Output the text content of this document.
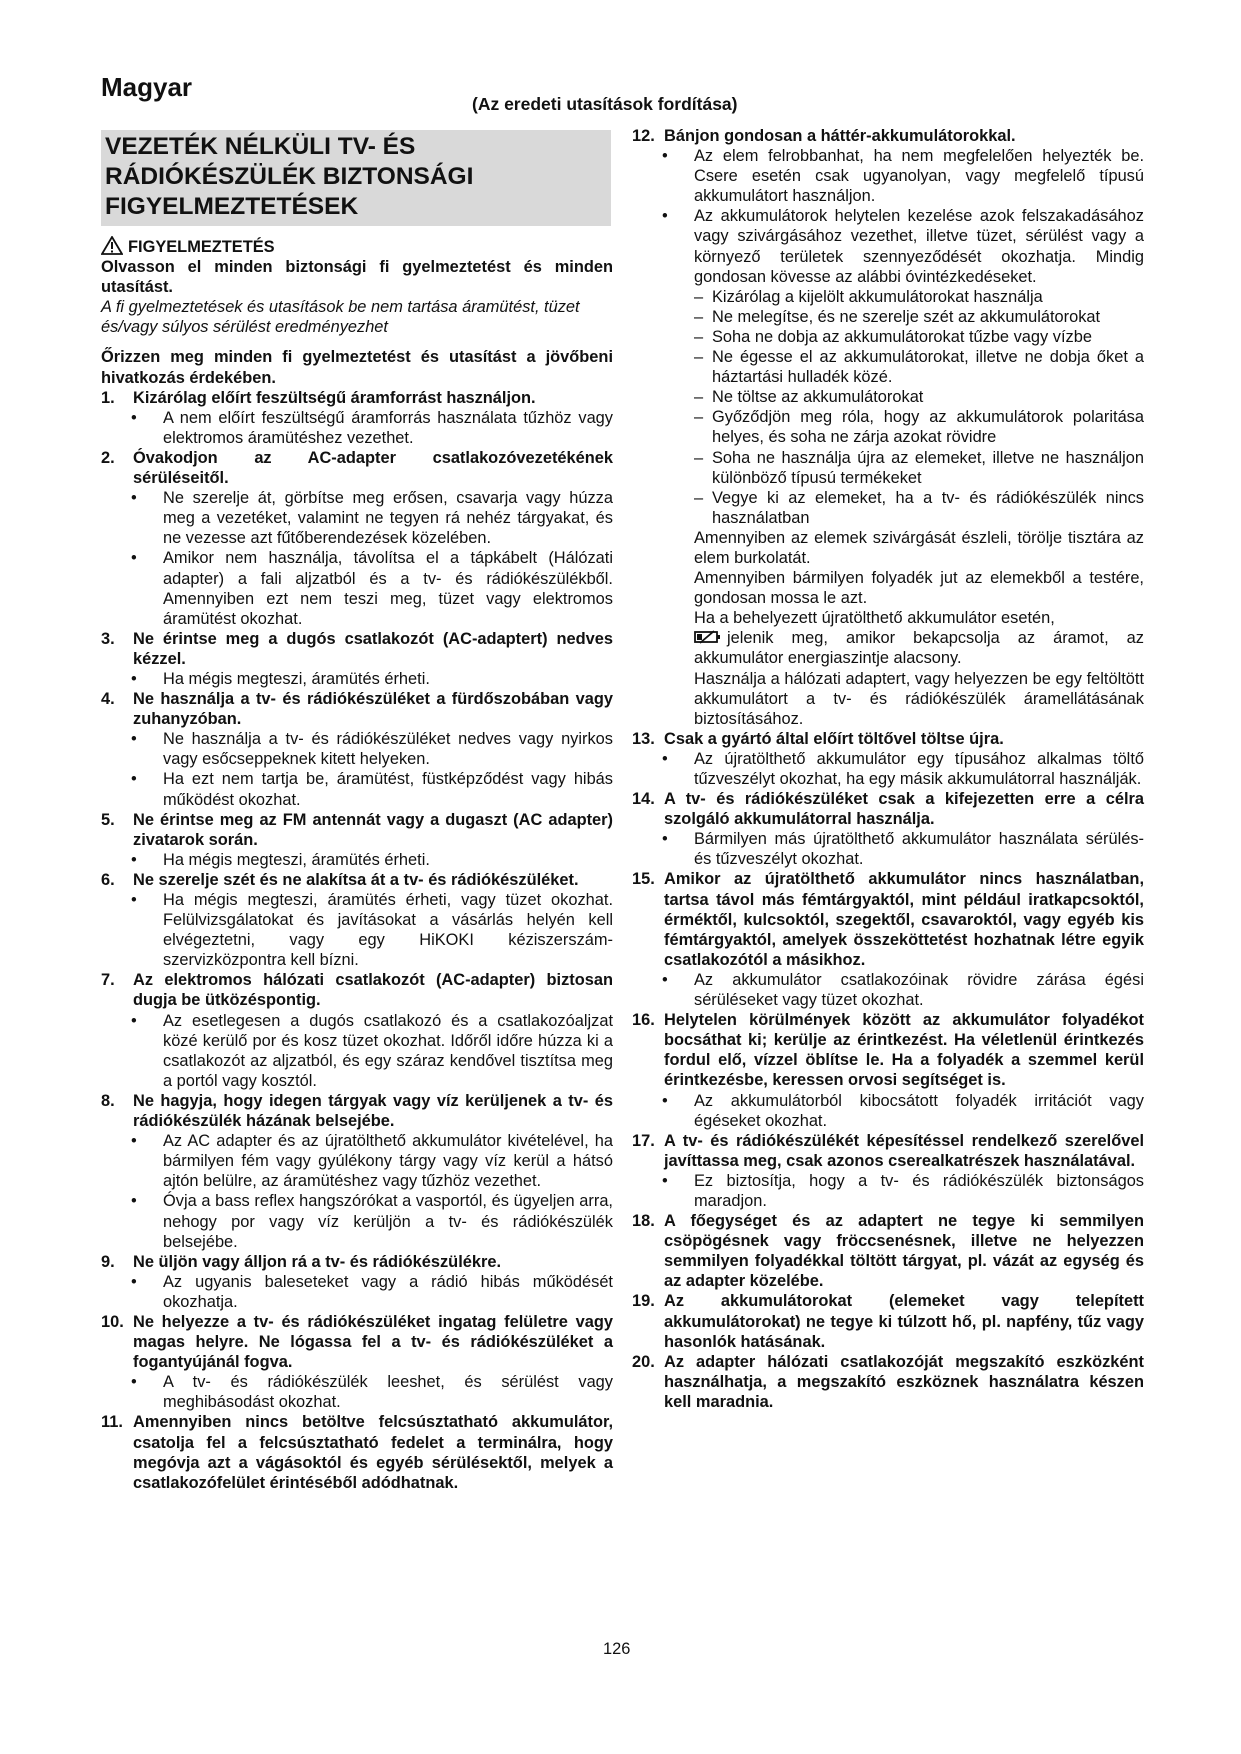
Magyar
(Az eredeti utasítások fordítása)
VEZETÉK NÉLKÜLI TV- ÉS RÁDIÓKÉSZÜLÉK BIZTONSÁGI FIGYELMEZTETÉSEK
FIGYELMEZTETÉS

Olvasson el minden biztonsági fi gyelmeztetést és minden utasítást.

A fi gyelmeztetések és utasítások be nem tartása áramütést, tüzet és/vagy súlyos sérülést eredményezhet

Őrizzen meg minden fi gyelmeztetést és utasítást a jövőbeni hivatkozás érdekében.

1.	Kizárólag előírt feszültségű áramforrást használjon.
•	A nem előírt feszültségű áramforrás használata tűzhöz vagy elektromos áramütéshez vezethet.
2.	Óvakodjon az AC-adapter csatlakozóvezetékének sérüléseitől.
•	Ne szerelje át, görbítse meg erősen, csavarja vagy húzza meg a vezetéket, valamint ne tegyen rá nehéz tárgyakat, és ne vezesse azt fűtőberendezések közelében.
•	Amikor nem használja, távolítsa el a tápkábelt (Hálózati adapter) a fali aljzatból és a tv- és rádiókészülékből. Amennyiben ezt nem teszi meg, tüzet vagy elektromos áramütést okozhat.
3.	Ne érintse meg a dugós csatlakozót (AC-adaptert) nedves kézzel.
•	Ha mégis megteszi, áramütés érheti.
4.	Ne használja a tv- és rádiókészüléket a fürdőszobában vagy zuhanyzóban.
•	Ne használja a tv- és rádiókészüléket nedves vagy nyirkos vagy esőcseppeknek kitett helyeken.
•	Ha ezt nem tartja be, áramütést, füstképződést vagy hibás működést okozhat.
5.	Ne érintse meg az FM antennát vagy a dugaszt (AC adapter) zivatarok során.
•	Ha mégis megteszi, áramütés érheti.
6.	Ne szerelje szét és ne alakítsa át a tv- és rádiókészüléket.
•	Ha mégis megteszi, áramütés érheti, vagy tüzet okozhat. Felülvizsgálatokat és javításokat a vásárlás helyén kell elvégeztetni, vagy egy HiKOKI kéziszerszám-szervizközpontra kell bízni.
7.	Az elektromos hálózati csatlakozót (AC-adapter) biztosan dugja be ütközéspontig.
•	Az esetlegesen a dugós csatlakozó és a csatlakozóaljzat közé kerülő por és kosz tüzet okozhat. Időről időre húzza ki a csatlakozót az aljzatból, és egy száraz kendővel tisztítsa meg a portól vagy kosztól.
8.	Ne hagyja, hogy idegen tárgyak vagy víz kerüljenek a tv- és rádiókészülék házának belsejébe.
•	Az AC adapter és az újratölthető akkumulátor kivételével, ha bármilyen fém vagy gyúlékony tárgy vagy víz kerül a hátsó ajtón belülre, az áramütéshez vagy tűzhöz vezethet.
•	Óvja a bass reflex hangszórókat a vasportól, és ügyeljen arra, nehogy por vagy víz kerüljön a tv- és rádiókészülék belsejébe.
9.	Ne üljön vagy álljon rá a tv- és rádiókészülékre.
•	Az ugyanis baleseteket vagy a rádió hibás működését okozhatja.
10. Ne helyezze a tv- és rádiókészüléket ingatag felületre vagy magas helyre. Ne lógassa fel a tv- és rádiókészüléket a fogantyújánál fogva.
•	A tv- és rádiókészülék leeshet, és sérülést vagy meghibásodást okozhat.
11. Amennyiben nincs betöltve felcsúsztatható akkumulátor, csatolja fel a felcsúsztatható fedelet a terminálra, hogy megóvja azt a vágásoktól és egyéb sérülésektől, melyek a csatlakozófelület érintéséből adódhatnak.
12. Bánjon gondosan a háttér-akkumulátorokkal.
•	Az elem felrobbanhat, ha nem megfelelően helyezték be. Csere esetén csak ugyanolyan, vagy megfelelő típusú akkumulátort használjon.
•	Az akkumulátorok helytelen kezelése azok felszakadásához vagy szivárgásához vezethet, illetve tüzet, sérülést vagy a környező területek szennyeződését okozhatja. Mindig gondosan kövesse az alábbi óvintézkedéseket.
– Kizárólag a kijelölt akkumulátorokat használja
– Ne melegítse, és ne szerelje szét az akkumulátorokat
– Soha ne dobja az akkumulátorokat tűzbe vagy vízbe
– Ne égesse el az akkumulátorokat, illetve ne dobja őket a háztartási hulladék közé.
– Ne töltse az akkumulátorokat
– Győződjön meg róla, hogy az akkumulátorok polaritása helyes, és soha ne zárja azokat rövidre
– Soha ne használja újra az elemeket, illetve ne használjon különböző típusú termékeket
– Vegye ki az elemeket, ha a tv- és rádiókészülék nincs használatban

Amennyiben az elemek szivárgását észleli, törölje tisztára az elem burkolatát.

Amennyiben bármilyen folyadék jut az elemekből a testére, gondosan mossa le azt.

Ha a behelyezett újratölthető akkumulátor esetén,
jelenik meg, amikor bekapcsolja az áramot, az akkumulátor energiaszintje alacsony.

Használja a hálózati adaptert, vagy helyezzen be egy feltöltött akkumulátort a tv- és rádiókészülék áramellátásának biztosításához.

13. Csak a gyártó által előírt töltővel töltse újra.
•	Az újratölthető akkumulátor egy típusához alkalmas töltő tűzveszélyt okozhat, ha egy másik akkumulátorral használják.
14. A tv- és rádiókészüléket csak a kifejezetten erre a célra szolgáló akkumulátorral használja.
•	Bármilyen más újratölthető akkumulátor használata sérülés- és tűzveszélyt okozhat.
15. Amikor az újratölthető akkumulátor nincs használatban, tartsa távol más fémtárgyaktól, mint például iratkapcsoktól, érméktől, kulcsoktól, szegektől, csavaroktól, vagy egyéb kis fémtárgyaktól, amelyek összeköttetést hozhatnak létre egyik csatlakozótól a másikhoz.
•	Az akkumulátor csatlakozóinak rövidre zárása égési sérüléseket vagy tüzet okozhat.
16. Helytelen körülmények között az akkumulátor folyadékot bocsáthat ki; kerülje az érintkezést. Ha véletlenül érintkezés fordul elő, vízzel öblítse le. Ha a folyadék a szemmel kerül érintkezésbe, keressen orvosi segítséget is.
•	Az akkumulátorból kibocsátott folyadék irritációt vagy égéseket okozhat.
17. A tv- és rádiókészülékét képesítéssel rendelkező szerelővel javíttassa meg, csak azonos cserealkatrészek használatával.
•	Ez biztosítja, hogy a tv- és rádiókészülék biztonságos maradjon.
18. A főegységet és az adaptert ne tegye ki semmilyen csöpögésnek vagy fröccsenésnek, illetve ne helyezzen semmilyen folyadékkal töltött tárgyat, pl. vázát az egység és az adapter közelébe.
19. Az akkumulátorokat (elemeket vagy telepített akkumulátorokat) ne tegye ki túlzott hő, pl. napfény, tűz vagy hasonlók hatásának.
20. Az adapter hálózati csatlakozóját megszakító eszközként használhatja, a megszakító eszköznek használatra készen kell maradnia.
126
